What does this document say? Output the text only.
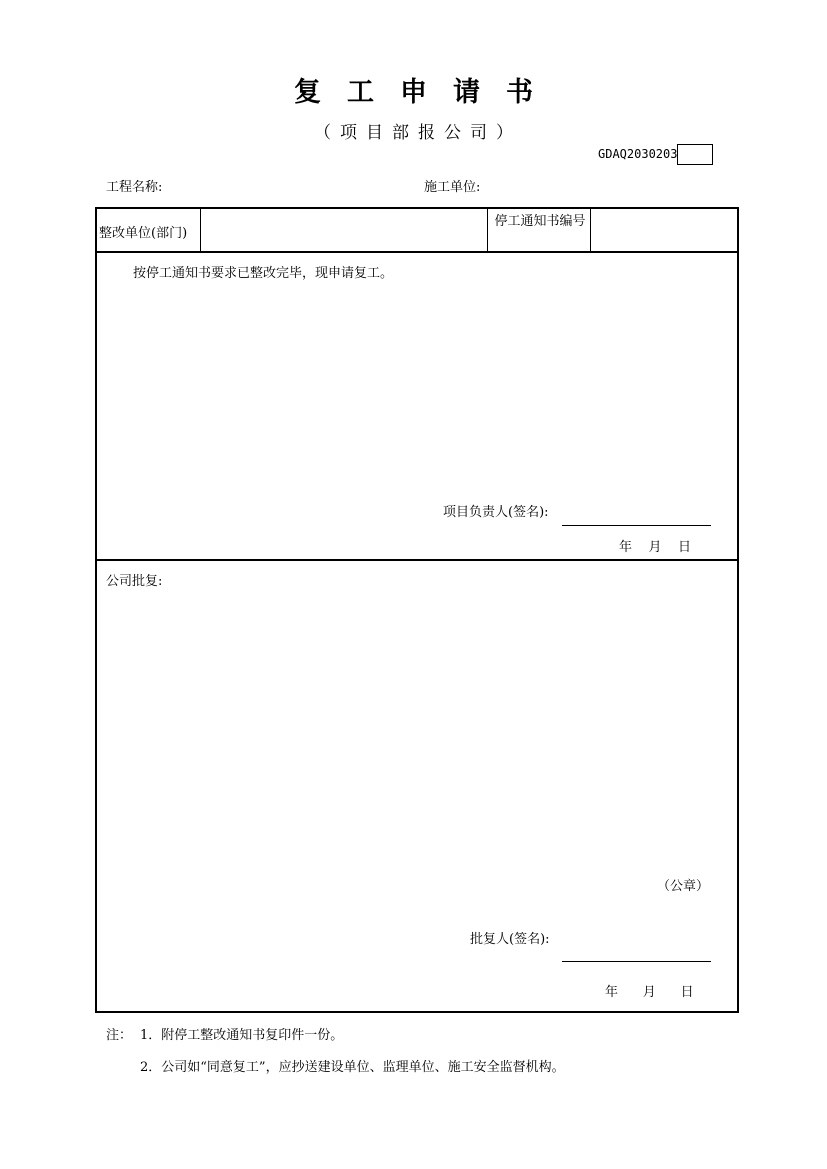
复工申请书
（项目部报公司）
GDAQ2030203
工程名称:	施工单位:
整改单位(部门)
停工通知书编号
按停工通知书要求已整改完毕，现申请复工。
项目负责人(签名):
年    月    日
公司批复:
（公章）
批复人(签名):
年      月      日
注： 1．附停工整改通知书复印件一份。
2．公司如“同意复工”，应抄送建设单位、监理单位、施工安全监督机构。
